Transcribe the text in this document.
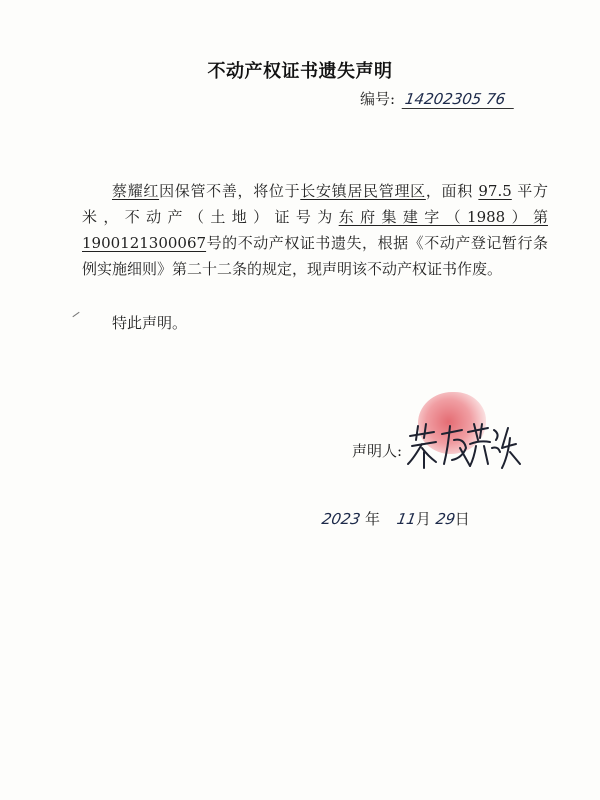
不动产权证书遗失声明
编号: 14202305 76

蔡耀红因保管不善，将位于长安镇居民管理区，面积 97.5 平方米，不动产（土地）证号为东府集建字（1988）第 1900121300067号的不动产权证书遗失，根据《不动产登记暂行条例实施细则》第二十二条的规定，现声明该不动产权证书作废。

特此声明。
声明人:
2023 年 11月 29日
